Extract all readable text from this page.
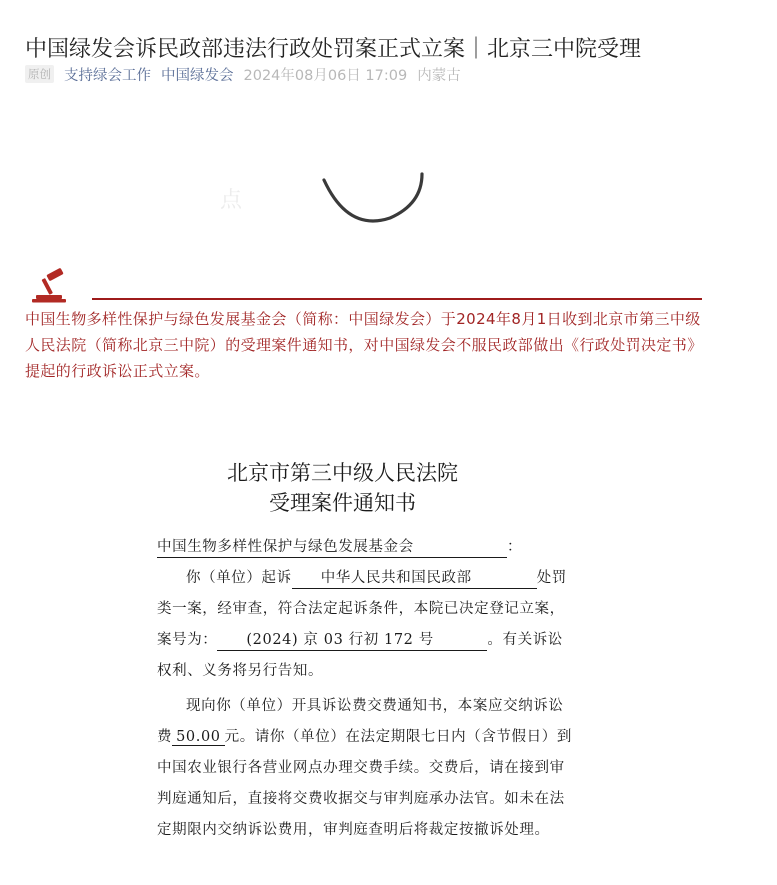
中国绿发会诉民政部违法行政处罚案正式立案｜北京三中院受理
原创 支持绿会工作 中国绿发会 2024年08月06日 17:09 内蒙古
点
中国生物多样性保护与绿色发展基金会（简称：中国绿发会）于2024年8月1日收到北京市第三中级人民法院（简称北京三中院）的受理案件通知书，对中国绿发会不服民政部做出《行政处罚决定书》提起的行政诉讼正式立案。
北京市第三中级人民法院
受理案件通知书

中国生物多样性保护与绿色发展基金会	：

你（单位）起诉 中华人民共和国民政部	处罚类一案，经审查，符合法定起诉条件，本院已决定登记立案，案号为： (2024) 京 03 行初 172 号	。有关诉讼权利、义务将另行告知。

现向你（单位）开具诉讼费交费通知书，本案应交纳诉讼费 50.00 元。请你（单位）在法定期限七日内（含节假日）到中国农业银行各营业网点办理交费手续。交费后，请在接到审判庭通知后，直接将交费收据交与审判庭承办法官。如未在法定期限内交纳诉讼费用，审判庭查明后将裁定按撤诉处理。
